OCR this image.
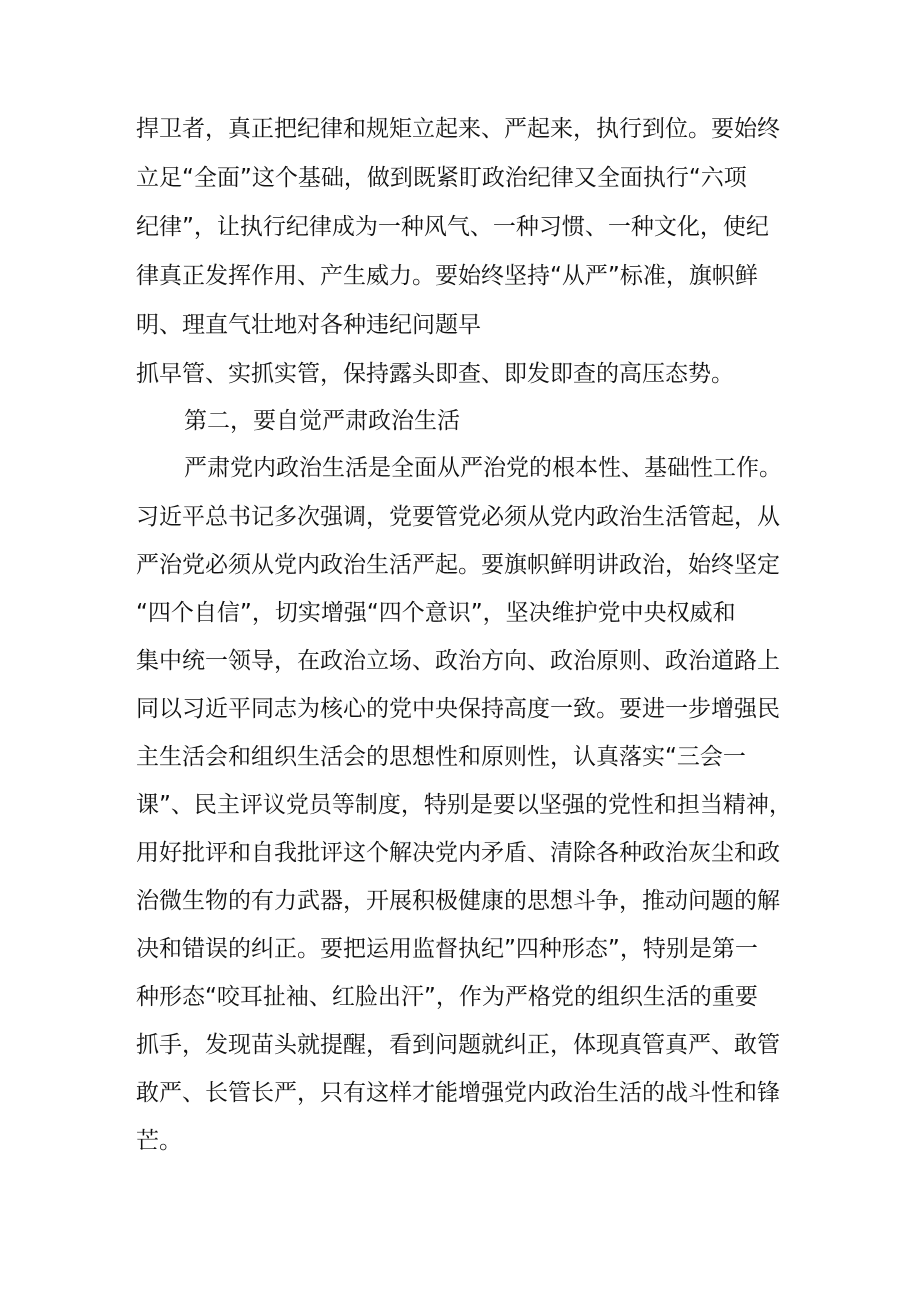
捍卫者，真正把纪律和规矩立起来、严起来，执行到位。要始终

立足“全面”这个基础，做到既紧盯政治纪律又全面执行“六项

纪律”，让执行纪律成为一种风气、一种习惯、一种文化，使纪

律真正发挥作用、产生威力。要始终坚持“从严”标准，旗帜鲜

明、理直气壮地对各种违纪问题早

抓早管、实抓实管，保持露头即查、即发即查的高压态势。

第二，要自觉严肃政治生活

严肃党内政治生活是全面从严治党的根本性、基础性工作。

习近平总书记多次强调，党要管党必须从党内政治生活管起，从

严治党必须从党内政治生活严起。要旗帜鲜明讲政治，始终坚定

“四个自信”，切实增强“四个意识”，坚决维护党中央权威和

集中统一领导，在政治立场、政治方向、政治原则、政治道路上

同以习近平同志为核心的党中央保持高度一致。要进一步增强民

主生活会和组织生活会的思想性和原则性，认真落实“三会一

课”、民主评议党员等制度，特别是要以坚强的党性和担当精神，

用好批评和自我批评这个解决党内矛盾、清除各种政治灰尘和政

治微生物的有力武器，开展积极健康的思想斗争，推动问题的解

决和错误的纠正。要把运用监督执纪”四种形态”，特别是第一

种形态“咬耳扯袖、红脸出汗”，作为严格党的组织生活的重要

抓手，发现苗头就提醒，看到问题就纠正，体现真管真严、敢管

敢严、长管长严，只有这样才能增强党内政治生活的战斗性和锋

芒。
